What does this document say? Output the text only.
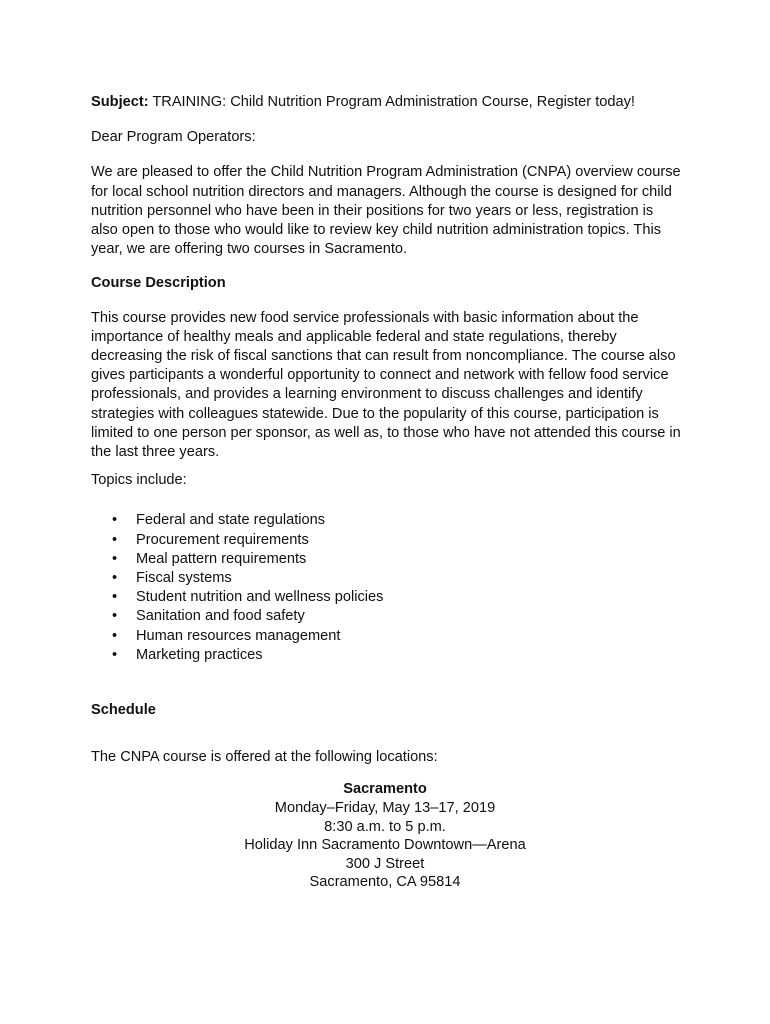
Subject: TRAINING: Child Nutrition Program Administration Course, Register today!

Dear Program Operators:

We are pleased to offer the Child Nutrition Program Administration (CNPA) overview course for local school nutrition directors and managers. Although the course is designed for child nutrition personnel who have been in their positions for two years or less, registration is also open to those who would like to review key child nutrition administration topics. This year, we are offering two courses in Sacramento.

Course Description

This course provides new food service professionals with basic information about the importance of healthy meals and applicable federal and state regulations, thereby decreasing the risk of fiscal sanctions that can result from noncompliance. The course also gives participants a wonderful opportunity to connect and network with fellow food service professionals, and provides a learning environment to discuss challenges and identify strategies with colleagues statewide. Due to the popularity of this course, participation is limited to one person per sponsor, as well as, to those who have not attended this course in the last three years.

Topics include:

• Federal and state regulations
• Procurement requirements
• Meal pattern requirements
• Fiscal systems
• Student nutrition and wellness policies
• Sanitation and food safety
• Human resources management
• Marketing practices

Schedule

The CNPA course is offered at the following locations:

Sacramento
Monday–Friday, May 13–17, 2019
8:30 a.m. to 5 p.m.
Holiday Inn Sacramento Downtown—Arena
300 J Street
Sacramento, CA 95814
